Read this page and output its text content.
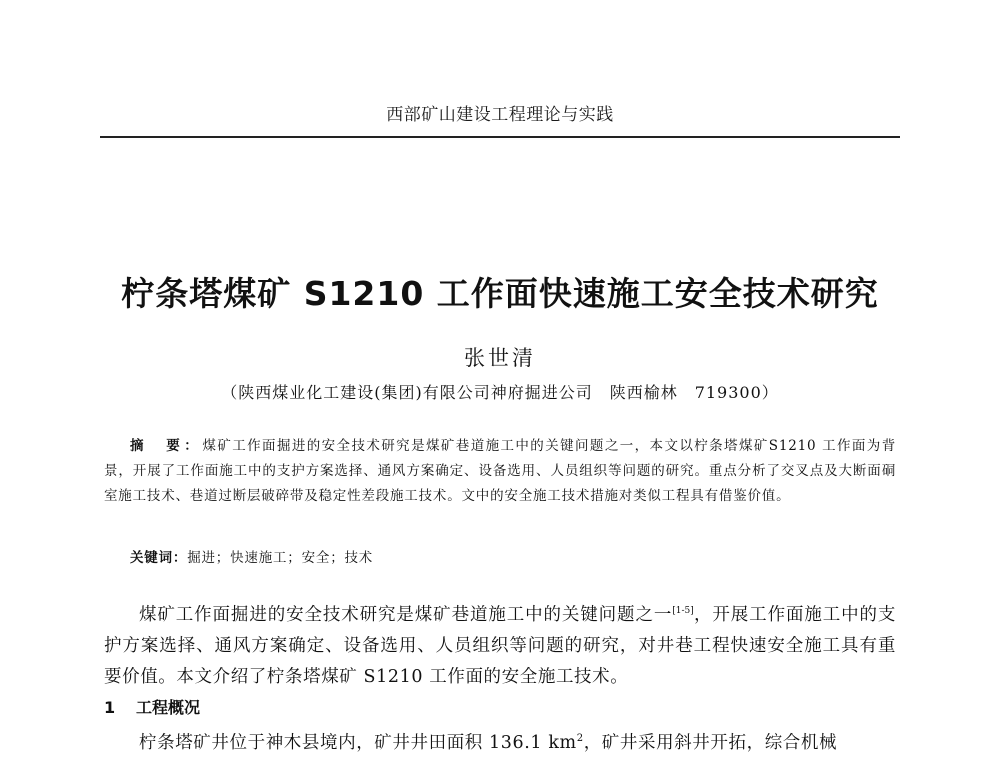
西部矿山建设工程理论与实践
柠条塔煤矿 S1210 工作面快速施工安全技术研究
张世清
（陕西煤业化工建设(集团)有限公司神府掘进公司　陕西榆林　719300）
摘　要：煤矿工作面掘进的安全技术研究是煤矿巷道施工中的关键问题之一，本文以柠条塔煤矿S1210 工作面为背景，开展了工作面施工中的支护方案选择、通风方案确定、设备选用、人员组织等问题的研究。重点分析了交叉点及大断面硐室施工技术、巷道过断层破碎带及稳定性差段施工技术。文中的安全施工技术措施对类似工程具有借鉴价值。
关键词：掘进；快速施工；安全；技术
煤矿工作面掘进的安全技术研究是煤矿巷道施工中的关键问题之一[1-5]，开展工作面施工中的支护方案选择、通风方案确定、设备选用、人员组织等问题的研究，对井巷工程快速安全施工具有重要价值。本文介绍了柠条塔煤矿 S1210 工作面的安全施工技术。
1 工程概况
柠条塔矿井位于神木县境内，矿井井田面积 136.1 $km^2$，矿井采用斜井开拓，综合机械
